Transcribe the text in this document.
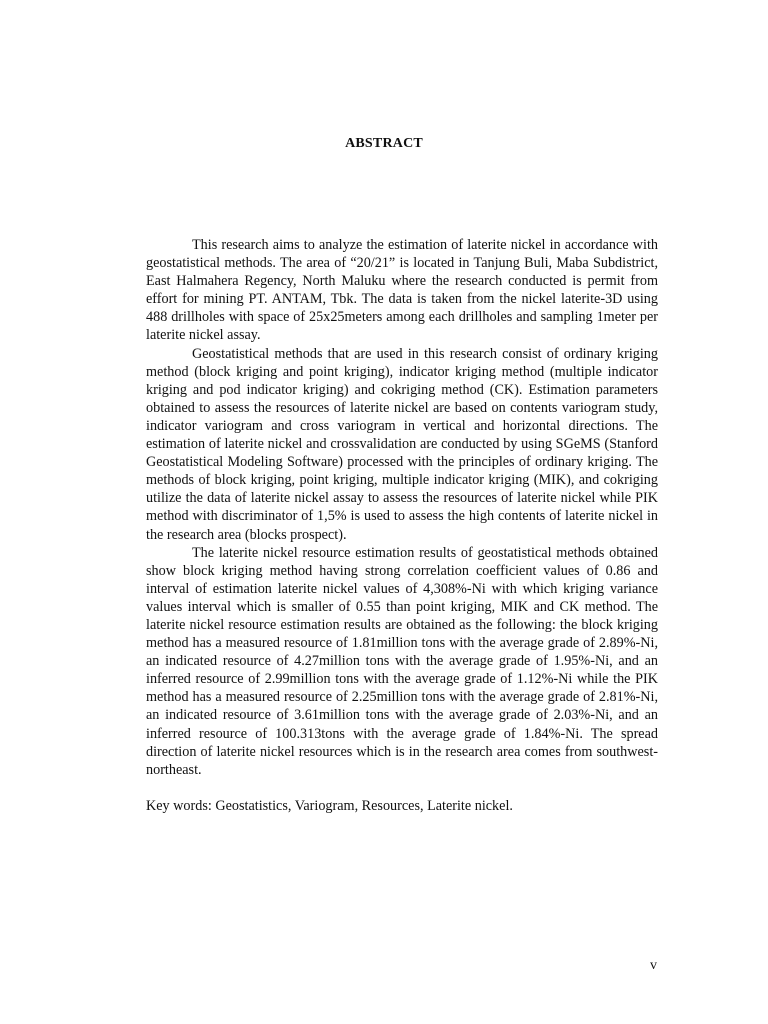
ABSTRACT

This research aims to analyze the estimation of laterite nickel in accordance with geostatistical methods. The area of “20/21” is located in Tanjung Buli, Maba Subdistrict, East Halmahera Regency, North Maluku where the research conducted is permit from effort for mining PT. ANTAM, Tbk. The data is taken from the nickel laterite-3D using 488 drillholes with space of 25x25meters among each drillholes and sampling 1meter per laterite nickel assay.

Geostatistical methods that are used in this research consist of ordinary kriging method (block kriging and point kriging), indicator kriging method (multiple indicator kriging and pod indicator kriging) and cokriging method (CK). Estimation parameters obtained to assess the resources of laterite nickel are based on contents variogram study, indicator variogram and cross variogram in vertical and horizontal directions. The estimation of laterite nickel and crossvalidation are conducted by using SGeMS (Stanford Geostatistical Modeling Software) processed with the principles of ordinary kriging. The methods of block kriging, point kriging, multiple indicator kriging (MIK), and cokriging utilize the data of laterite nickel assay to assess the resources of laterite nickel while PIK method with discriminator of 1,5% is used to assess the high contents of laterite nickel in the research area (blocks prospect).

The laterite nickel resource estimation results of geostatistical methods obtained show block kriging method having strong correlation coefficient values of 0.86 and interval of estimation laterite nickel values of 4,308%-Ni with which kriging variance values interval which is smaller of 0.55 than point kriging, MIK and CK method. The laterite nickel resource estimation results are obtained as the following: the block kriging method has a measured resource of 1.81million tons with the average grade of 2.89%-Ni, an indicated resource of 4.27million tons with the average grade of 1.95%-Ni, and an inferred resource of 2.99million tons with the average grade of 1.12%-Ni while the PIK method has a measured resource of 2.25million tons with the average grade of 2.81%-Ni, an indicated resource of 3.61million tons with the average grade of 2.03%-Ni, and an inferred resource of 100.313tons with the average grade of 1.84%-Ni. The spread direction of laterite nickel resources which is in the research area comes from southwest-northeast.

Key words: Geostatistics, Variogram, Resources, Laterite nickel.

v
